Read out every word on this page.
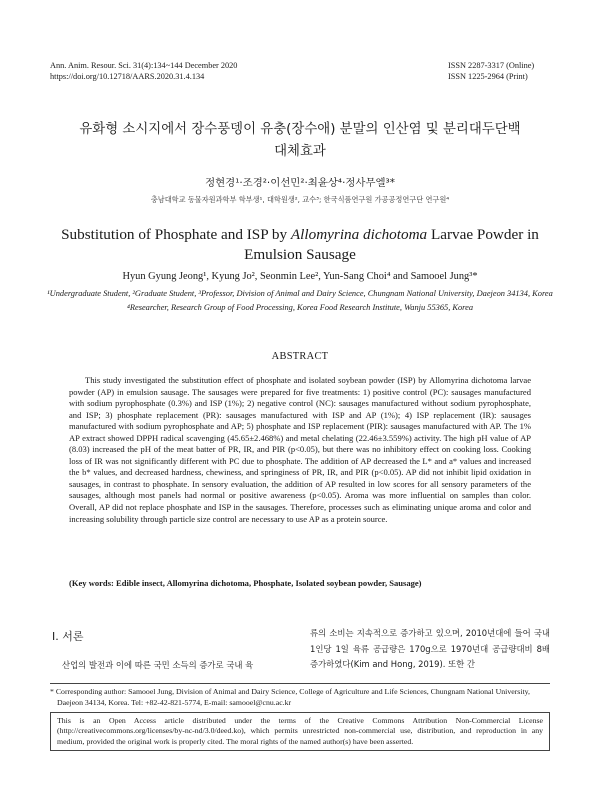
Ann. Anim. Resour. Sci. 31(4):134~144 December 2020
https://doi.org/10.12718/AARS.2020.31.4.134
ISSN 2287-3317 (Online)
ISSN 1225-2964 (Print)
유화형 소시지에서 장수풍뎅이 유충(장수애) 분말의 인산염 및 분리대두단백
대체효과
정현경¹·조경²·이선민²·최윤상⁴·정사무엘³*
충남대학교 동물자원과학부 학부생¹, 대학원생², 교수³; 한국식품연구원 가공공정연구단 연구원⁴
Substitution of Phosphate and ISP by Allomyrina dichotoma Larvae Powder in Emulsion Sausage
Hyun Gyung Jeong¹, Kyung Jo², Seonmin Lee², Yun-Sang Choi⁴ and Samooel Jung³*
¹Undergraduate Student, ²Graduate Student, ³Professor, Division of Animal and Dairy Science, Chungnam National University, Daejeon 34134, Korea
⁴Researcher, Research Group of Food Processing, Korea Food Research Institute, Wanju 55365, Korea
ABSTRACT

This study investigated the substitution effect of phosphate and isolated soybean powder (ISP) by Allomyrina dichotoma larvae powder (AP) in emulsion sausage. The sausages were prepared for five treatments: 1) positive control (PC): sausages manufactured with sodium pyrophosphate (0.3%) and ISP (1%); 2) negative control (NC): sausages manufactured without sodium pyrophosphate, and ISP; 3) phosphate replacement (PR): sausages manufactured with ISP and AP (1%); 4) ISP replacement (IR): sausages manufactured with sodium pyrophosphate and AP; 5) phosphate and ISP replacement (PIR): sausages manufactured with AP. The 1% AP extract showed DPPH radical scavenging (45.65±2.468%) and metal chelating (22.46±3.559%) activity. The high pH value of AP (8.03) increased the pH of the meat batter of PR, IR, and PIR (p<0.05), but there was no inhibitory effect on cooking loss. Cooking loss of IR was not significantly different with PC due to phosphate. The addition of AP decreased the L* and a* values and increased the b* values, and decreased hardness, chewiness, and springiness of PR, IR, and PIR (p<0.05). AP did not inhibit lipid oxidation in sausages, in contrast to phosphate. In sensory evaluation, the addition of AP resulted in low scores for all sensory parameters of the sausages, although most panels had normal or positive awareness (p<0.05). Aroma was more influential on samples than color. Overall, AP did not replace phosphate and ISP in the sausages. Therefore, processes such as eliminating unique aroma and color and increasing solubility through particle size control are necessary to use AP as a protein source.

(Key words: Edible insect, Allomyrina dichotoma, Phosphate, Isolated soybean powder, Sausage)

Ⅰ. 서론

산업의 발전과 이에 따른 국민 소득의 증가로 국내 육

류의 소비는 지속적으로 증가하고 있으며, 2010년대에 들어 국내 1인당 1일 육류 공급량은 170g으로 1970년대 공급량대비 8배 증가하였다(Kim and Hong, 2019). 또한 간

* Corresponding author: Samooel Jung, Division of Animal and Dairy Science, College of Agriculture and Life Sciences, Chungnam National University, Daejeon 34134, Korea. Tel: +82-42-821-5774, E-mail: samooel@cnu.ac.kr

This is an Open Access article distributed under the terms of the Creative Commons Attribution Non-Commercial License (http://creativecommons.org/licenses/by-nc-nd/3.0/deed.ko), which permits unrestricted non-commercial use, distribution, and reproduction in any medium, provided the original work is properly cited. The moral rights of the named author(s) have been asserted.
